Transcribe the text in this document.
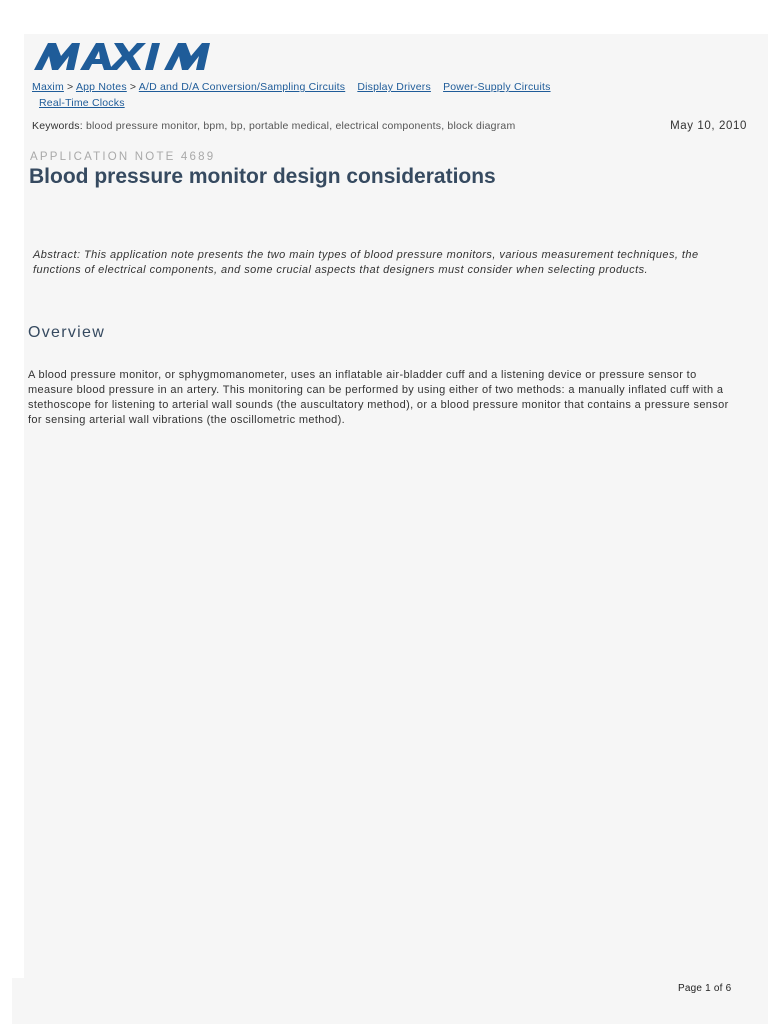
Maxim > App Notes > A/D and D/A Conversion/Sampling Circuits Display Drivers Power-Supply Circuits
Real-Time Clocks
Keywords: blood pressure monitor, bpm, bp, portable medical, electrical components, block diagram	May 10, 2010
APPLICATION NOTE 4689
Blood pressure monitor design considerations

Abstract: This application note presents the two main types of blood pressure monitors, various measurement techniques, the functions of electrical components, and some crucial aspects that designers must consider when selecting products.

Overview

A blood pressure monitor, or sphygmomanometer, uses an inflatable air-bladder cuff and a listening device or pressure sensor to measure blood pressure in an artery. This monitoring can be performed by using either of two methods: a manually inflated cuff with a stethoscope for listening to arterial wall sounds (the auscultatory method), or a blood pressure monitor that contains a pressure sensor for sensing arterial wall vibrations (the oscillometric method).

Page 1 of 6
